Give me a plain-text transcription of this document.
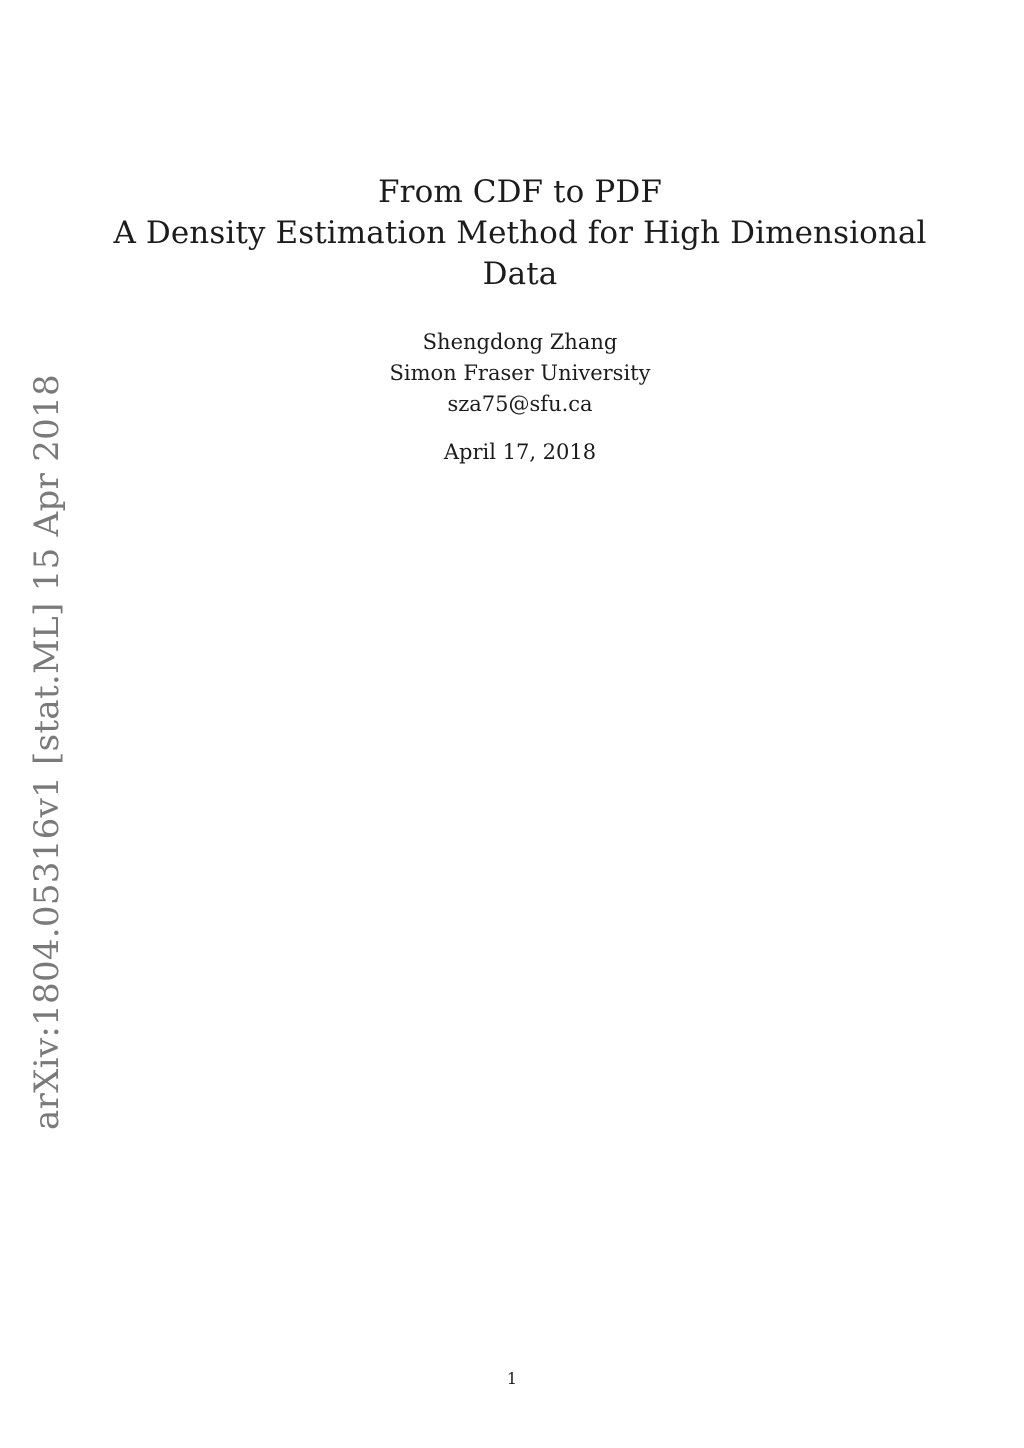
arXiv:1804.05316v1 [stat.ML] 15 Apr 2018
From CDF to PDF
A Density Estimation Method for High Dimensional
Data
Shengdong Zhang
Simon Fraser University
sza75@sfu.ca
April 17, 2018
1
